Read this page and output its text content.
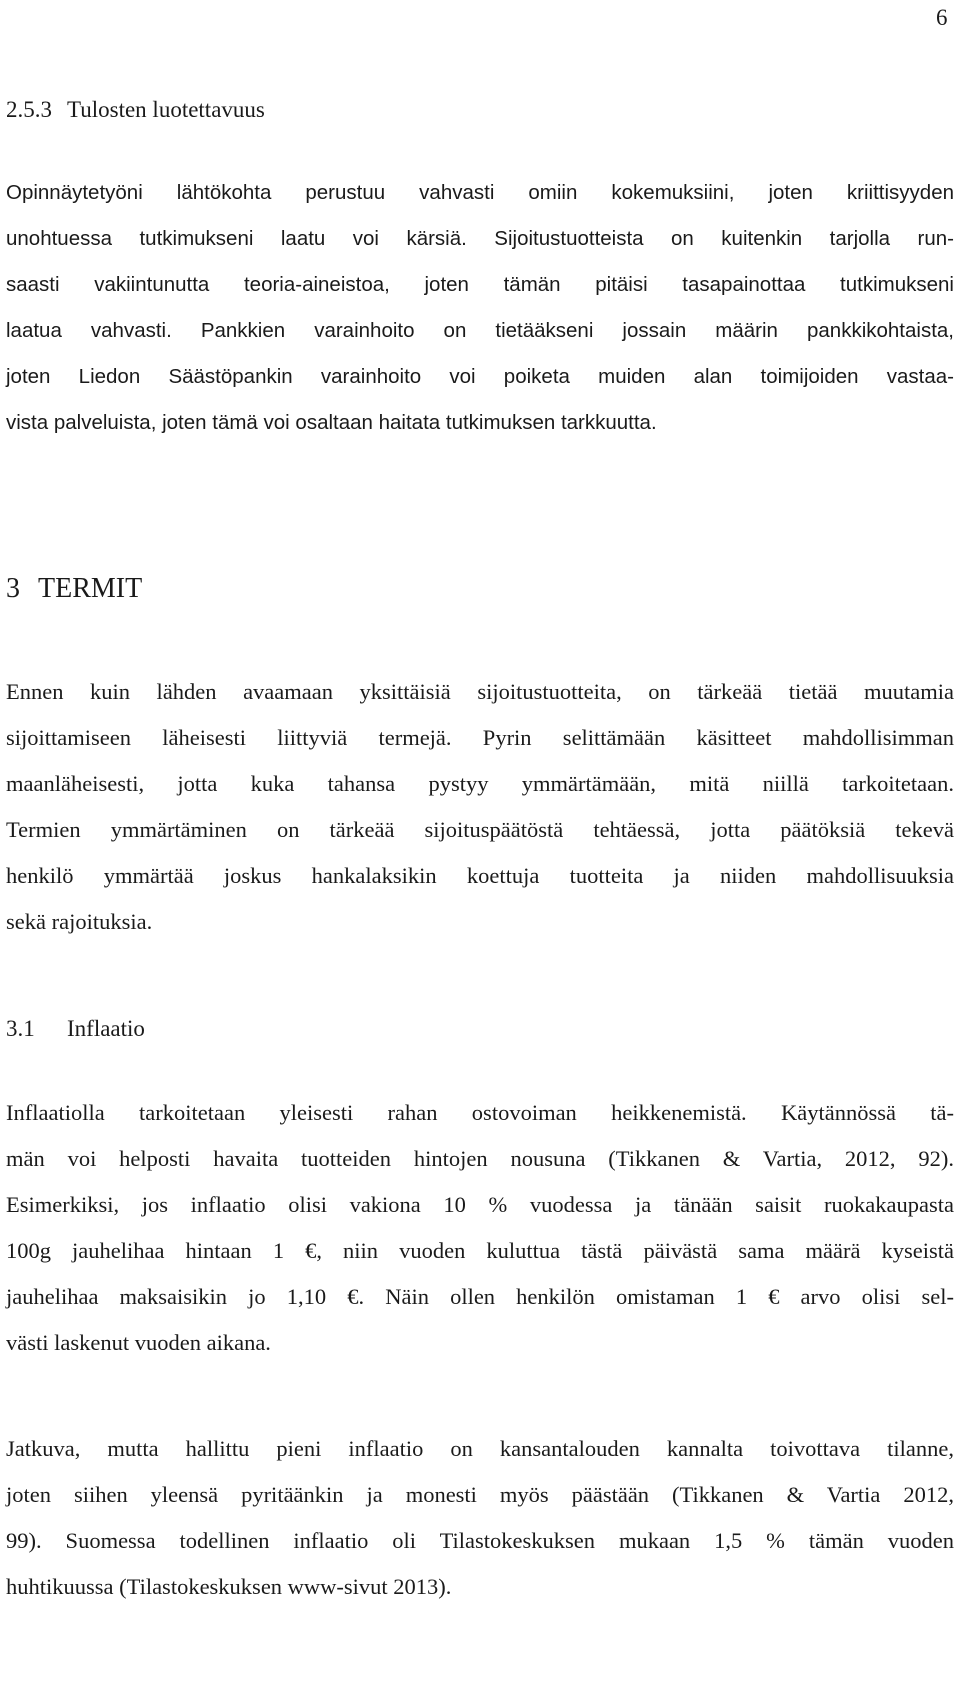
6
2.5.3 Tulosten luotettavuus
Opinnäytetyöni lähtökohta perustuu vahvasti omiin kokemuksiini, joten kriittisyyden
unohtuessa tutkimukseni laatu voi kärsiä. Sijoitustuotteista on kuitenkin tarjolla run-
saasti vakiintunutta teoria-aineistoa, joten tämän pitäisi tasapainottaa tutkimukseni
laatua vahvasti. Pankkien varainhoito on tietääkseni jossain määrin pankkikohtaista,
joten Liedon Säästöpankin varainhoito voi poiketa muiden alan toimijoiden vastaa-
vista palveluista, joten tämä voi osaltaan haitata tutkimuksen tarkkuutta.
3 TERMIT
Ennen kuin lähden avaamaan yksittäisiä sijoitustuotteita, on tärkeää tietää muutamia
sijoittamiseen läheisesti liittyviä termejä. Pyrin selittämään käsitteet mahdollisimman
maanläheisesti, jotta kuka tahansa pystyy ymmärtämään, mitä niillä tarkoitetaan.
Termien ymmärtäminen on tärkeää sijoituspäätöstä tehtäessä, jotta päätöksiä tekevä
henkilö ymmärtää joskus hankalaksikin koettuja tuotteita ja niiden mahdollisuuksia
sekä rajoituksia.
3.1 Inflaatio
Inflaatiolla tarkoitetaan yleisesti rahan ostovoiman heikkenemistä. Käytännössä tä-
män voi helposti havaita tuotteiden hintojen nousuna (Tikkanen & Vartia, 2012, 92).
Esimerkiksi, jos inflaatio olisi vakiona 10 % vuodessa ja tänään saisit ruokakaupasta
100g jauhelihaa hintaan 1 €, niin vuoden kuluttua tästä päivästä sama määrä kyseistä
jauhelihaa maksaisikin jo 1,10 €. Näin ollen henkilön omistaman 1 € arvo olisi sel-
västi laskenut vuoden aikana.
Jatkuva, mutta hallittu pieni inflaatio on kansantalouden kannalta toivottava tilanne,
joten siihen yleensä pyritäänkin ja monesti myös päästään (Tikkanen & Vartia 2012,
99). Suomessa todellinen inflaatio oli Tilastokeskuksen mukaan 1,5 % tämän vuoden
huhtikuussa (Tilastokeskuksen www-sivut 2013).
